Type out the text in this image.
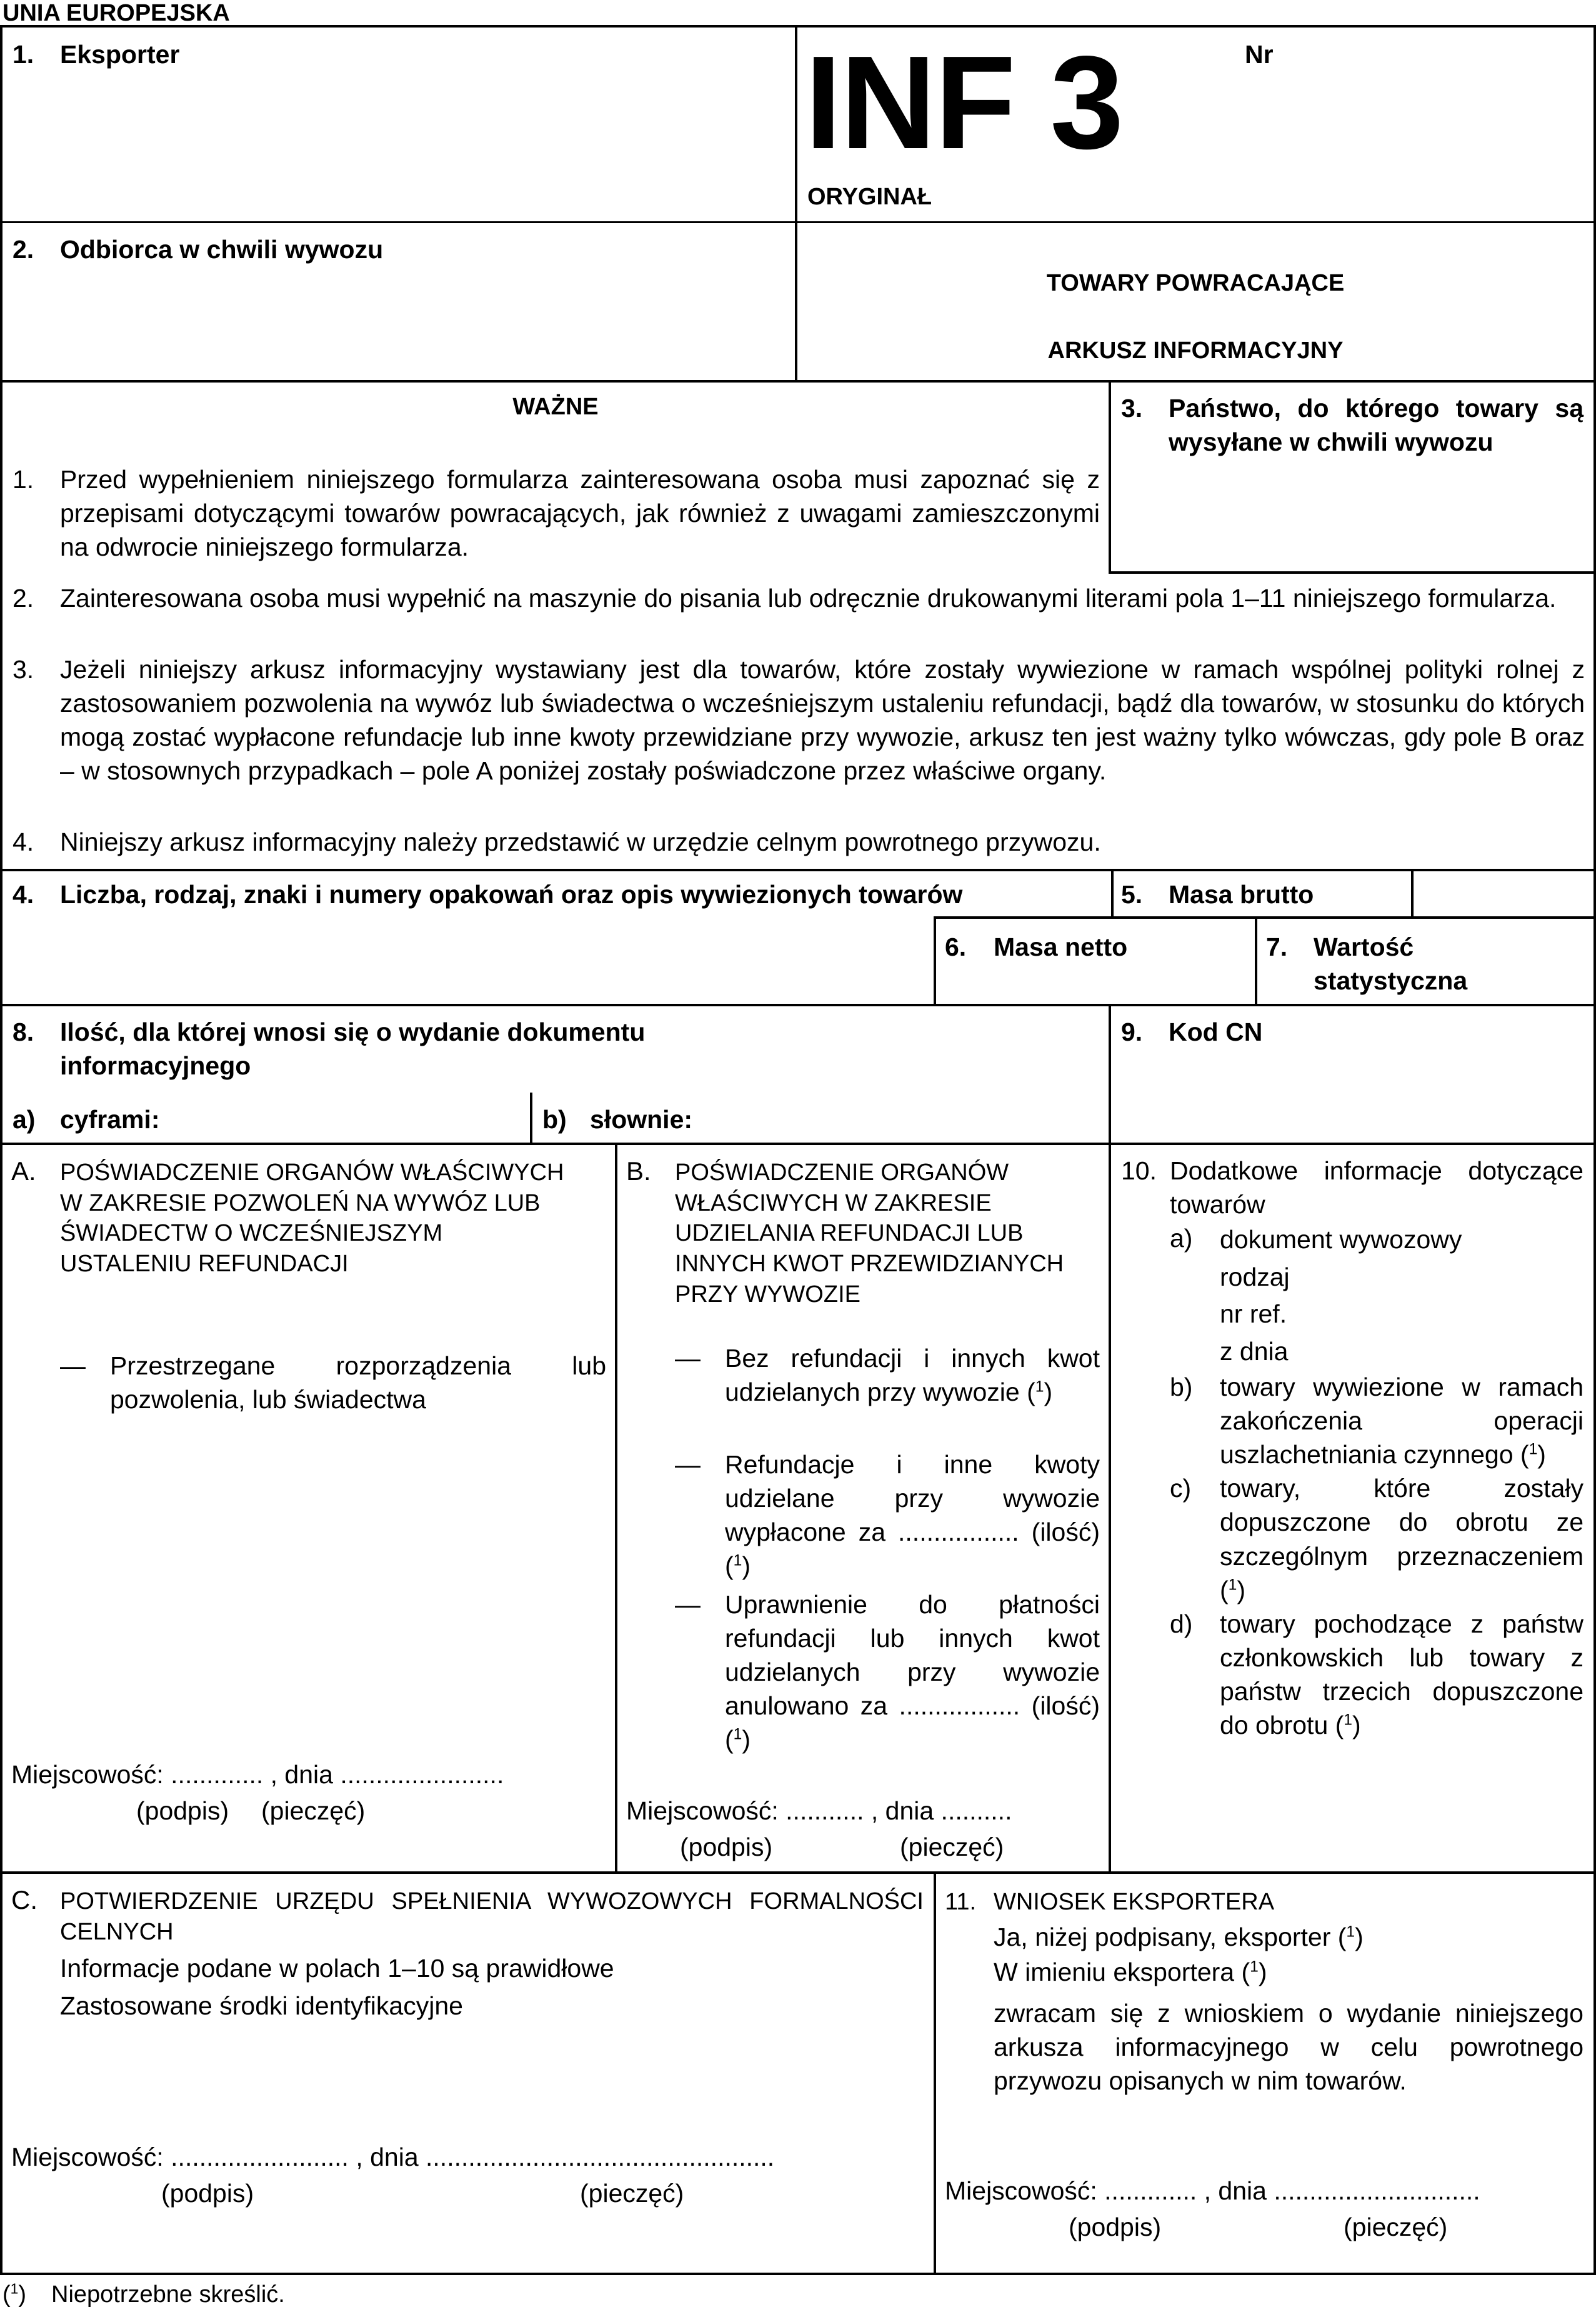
UNIA EUROPEJSKA
1. Eksporter	INF 3	Nr
ORYGINAŁ
TOWARY POWRACAJĄCE
ARKUSZ INFORMACYJNY
2. Odbiorca w chwili wywozu
WAŻNE
1.	Przed wypełnieniem niniejszego formularza zainteresowana osoba musi zapoznać się z przepisami dotyczącymi towarów powracających, jak również z uwagami zamieszczonymi na odwrocie niniejszego formularza.
2.	Zainteresowana osoba musi wypełnić na maszynie do pisania lub odręcznie drukowanymi literami pola 1–11 niniejszego formularza.
3.	Jeżeli niniejszy arkusz informacyjny wystawiany jest dla towarów, które zostały wywiezione w ramach wspólnej polityki rolnej z zastosowaniem pozwolenia na wywóz lub świadectwa o wcześniejszym ustaleniu refundacji, bądź dla towarów, w stosunku do których mogą zostać wypłacone refundacje lub inne kwoty przewidziane przy wywozie, arkusz ten jest ważny tylko wówczas, gdy pole B oraz – w stosownych przypadkach – pole A poniżej zostały poświadczone przez właściwe organy.
4.	Niniejszy arkusz informacyjny należy przedstawić w urzędzie celnym powrotnego przywozu.
3.	Państwo, do którego towary są wysyłane w chwili wywozu
4. Liczba, rodzaj, znaki i numery opakowań oraz opis wywiezionych towarów	5. Masa brutto
6. Masa netto	7.	Wartość statystyczna
8.	Ilość, dla której wnosi się o wydanie dokumentu informacyjnego
a) cyframi:	b) słownie:
9. Kod CN
A. POŚWIADCZENIE ORGANÓW WŁAŚCIWYCH W ZAKRESIE POZWOLEŃ NA WYWÓZ LUB ŚWIADECTW O WCZEŚNIEJSZYM USTALENIU REFUNDACJI
— Przestrzegane rozporządzenia lub pozwolenia, lub świadectwa
Miejscowość: ............. , dnia .......................
(podpis) (pieczęć)
B. POŚWIADCZENIE ORGANÓW WŁAŚCIWYCH W ZAKRESIE UDZIELANIA REFUNDACJI LUB INNYCH KWOT PRZEWIDZIANYCH PRZY WYWOZIE
— Bez refundacji i innych kwot udzielanych przy wywozie ($^1$)
— Refundacje i inne kwoty udzielane przy wywozie wypłacone za ................. (ilość) ($^1$)
— Uprawnienie do płatności refundacji lub innych kwot udzielanych przy wywozie anulowano za ................. (ilość) ($^1$)
Miejscowość: ........... , dnia ..........
(podpis)	(pieczęć)
10. Dodatkowe informacje dotyczące towarów
a)	dokument wywozowy
rodzaj
nr ref.
z dnia
b)	towary wywiezione w ramach zakończenia operacji uszlachetniania czynnego ($^1$)
c)	towary, które zostały dopuszczone do obrotu ze szczególnym przeznaczeniem ($^1$)
d)	towary pochodzące z państw członkowskich lub towary z państw trzecich dopuszczone do obrotu ($^1$)
C. POTWIERDZENIE URZĘDU SPEŁNIENIA WYWOZOWYCH FORMALNOŚCI CELNYCH
Informacje podane w polach 1–10 są prawidłowe
Zastosowane środki identyfikacyjne
Miejscowość: ......................... , dnia .................................................
(podpis)	(pieczęć)
11. WNIOSEK EKSPORTERA
Ja, niżej podpisany, eksporter ($^1$)
W imieniu eksportera ($^1$)
zwracam się z wnioskiem o wydanie niniejszego arkusza informacyjnego w celu powrotnego przywozu opisanych w nim towarów.
Miejscowość: ............. , dnia .............................
(podpis)	(pieczęć)
($^1$) Niepotrzebne skreślić.
